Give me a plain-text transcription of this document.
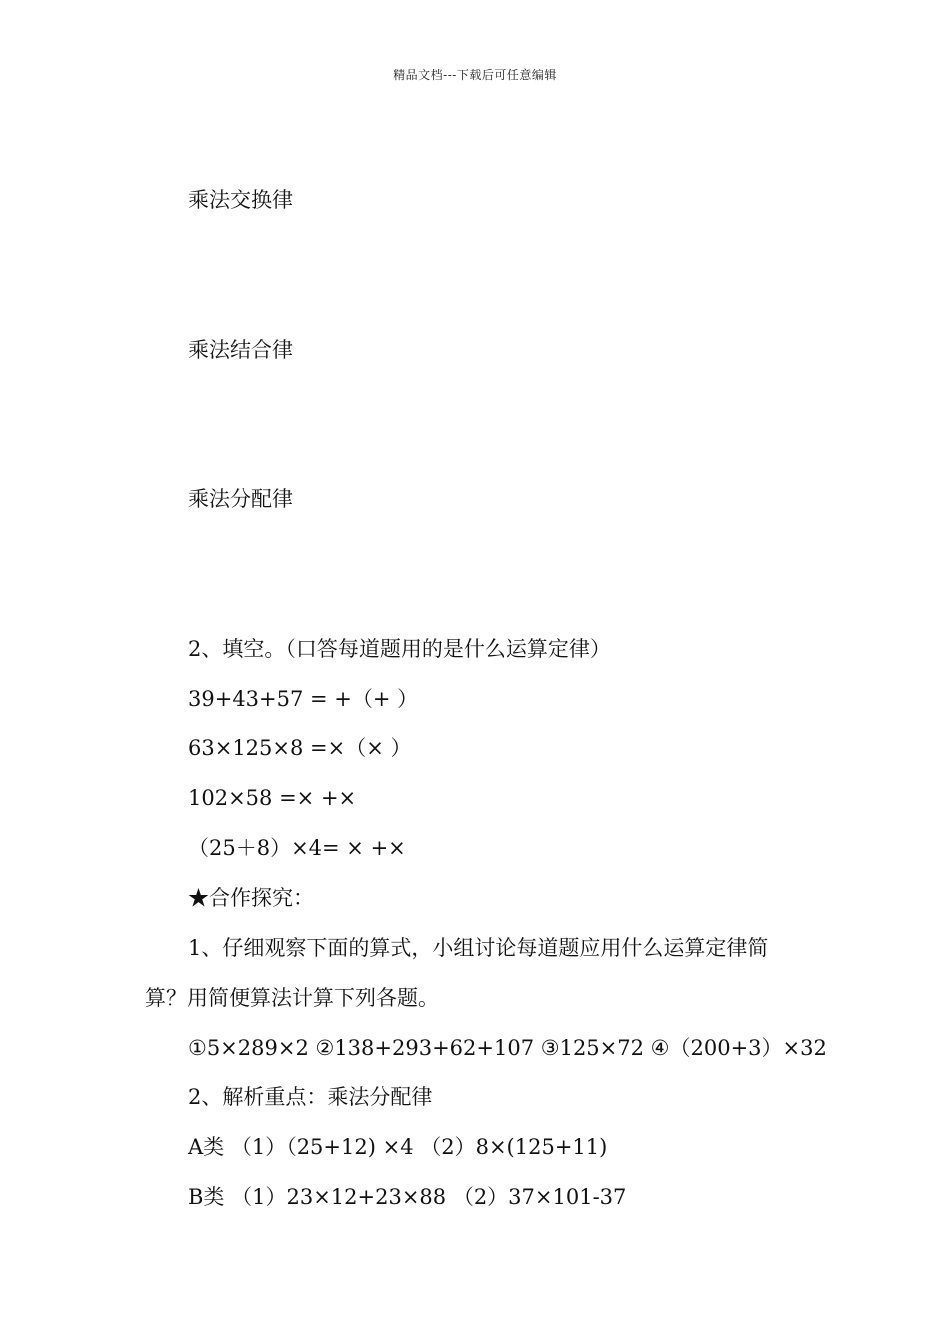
精品文档---下载后可任意编辑
乘法交换律
乘法结合律
乘法分配律
2、填空。（口答每道题用的是什么运算定律）
39+43+57 = +（+ ）
63×125×8 =×（× ）
102×58 =× +×
（25＋8）×4= × +×
★合作探究：
1、仔细观察下面的算式，小组讨论每道题应用什么运算定律简
算？用简便算法计算下列各题。
①5×289×2 ②138+293+62+107 ③125×72 ④（200+3）×32
2、解析重点：乘法分配律
A类 （1）（25+12) ×4 （2）8×(125+11)
B类 （1）23×12+23×88 （2）37×101-37
